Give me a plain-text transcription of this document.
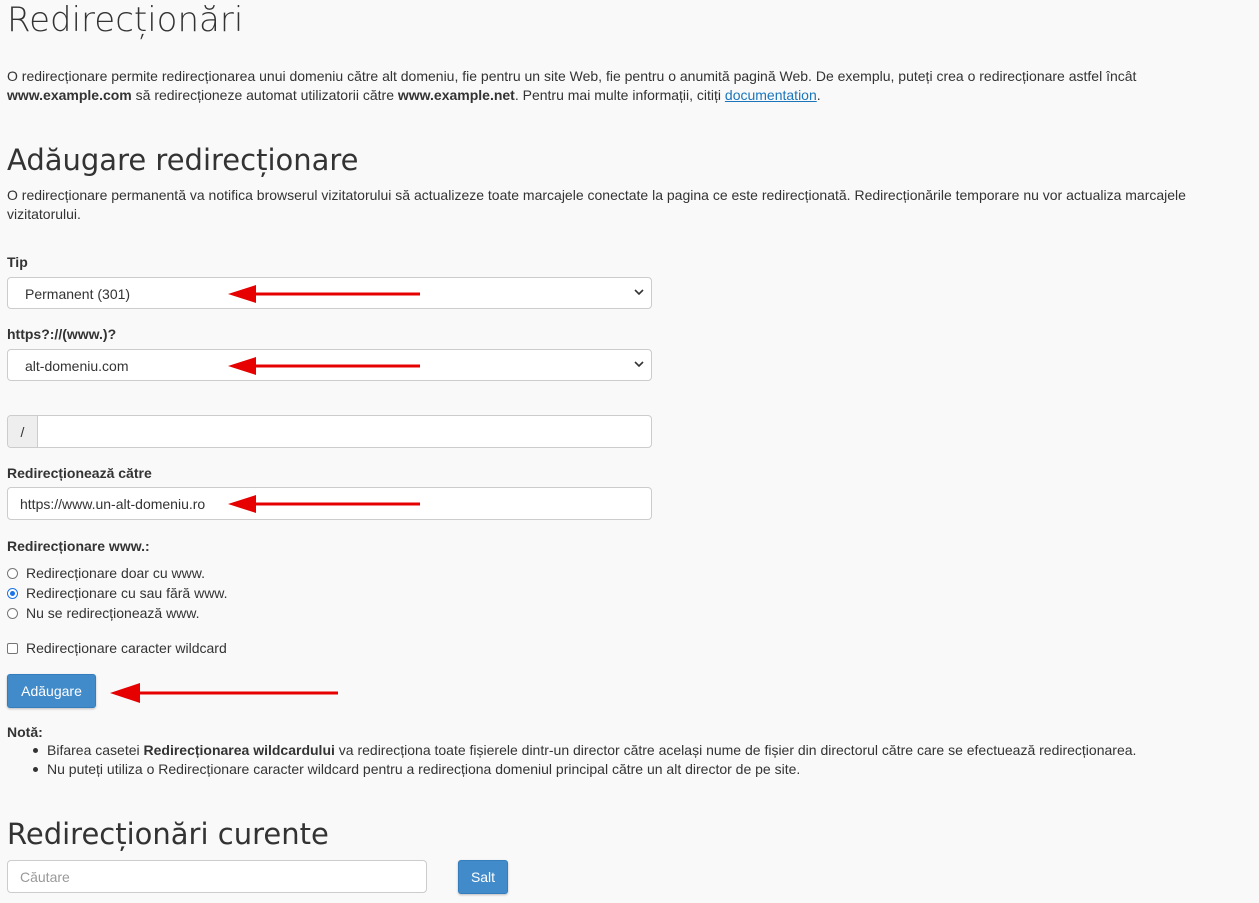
Redirecționări
O redirecționare permite redirecționarea unui domeniu către alt domeniu, fie pentru un site Web, fie pentru o anumită pagină Web. De exemplu, puteți crea o redirecționare astfel încât www.example.com să redirecționeze automat utilizatorii către www.example.net. Pentru mai multe informații, citiți documentation.
Adăugare redirecționare
O redirecționare permanentă va notifica browserul vizitatorului să actualizeze toate marcajele conectate la pagina ce este redirecționată. Redirecționările temporare nu vor actualiza marcajele vizitatorului.
Tip
Permanent (301)
https?://(www.)?
alt-domeniu.com
/
Redirecționează către
https://www.un-alt-domeniu.ro
Redirecționare www.:
Redirecționare doar cu www.
Redirecționare cu sau fără www.
Nu se redirecționează www.
Redirecționare caracter wildcard
Adăugare
Notă:
Bifarea casetei Redirecționarea wildcardului va redirecționa toate fișierele dintr-un director către același nume de fișier din directorul către care se efectuează redirecționarea.
Nu puteți utiliza o Redirecționare caracter wildcard pentru a redirecționa domeniul principal către un alt director de pe site.
Redirecționări curente
Căutare	Salt
